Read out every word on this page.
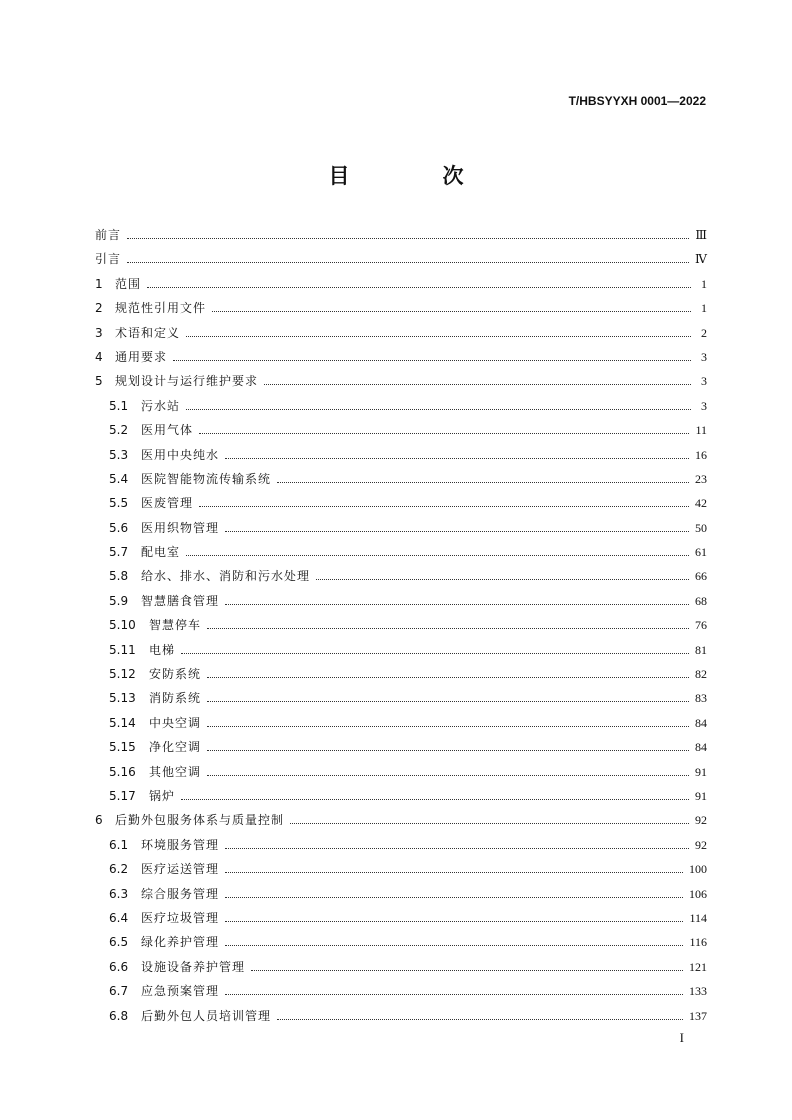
T/HBSYYXH 0001—2022
目　次
前言	Ⅲ
引言	Ⅳ
1	范围	1
2	规范性引用文件	1
3	术语和定义	2
4	通用要求	3
5	规划设计与运行维护要求	3
5.1	污水站	3
5.2	医用气体	11
5.3	医用中央纯水	16
5.4	医院智能物流传输系统	23
5.5	医废管理	42
5.6	医用织物管理	50
5.7	配电室	61
5.8	给水、排水、消防和污水处理	66
5.9	智慧膳食管理	68
5.10	智慧停车	76
5.11	电梯	81
5.12	安防系统	82
5.13	消防系统	83
5.14	中央空调	84
5.15	净化空调	84
5.16	其他空调	91
5.17	锅炉	91
6	后勤外包服务体系与质量控制	92
6.1	环境服务管理	92
6.2	医疗运送管理	100
6.3	综合服务管理	106
6.4	医疗垃圾管理	114
6.5	绿化养护管理	116
6.6	设施设备养护管理	121
6.7	应急预案管理	133
6.8	后勤外包人员培训管理	137
I
